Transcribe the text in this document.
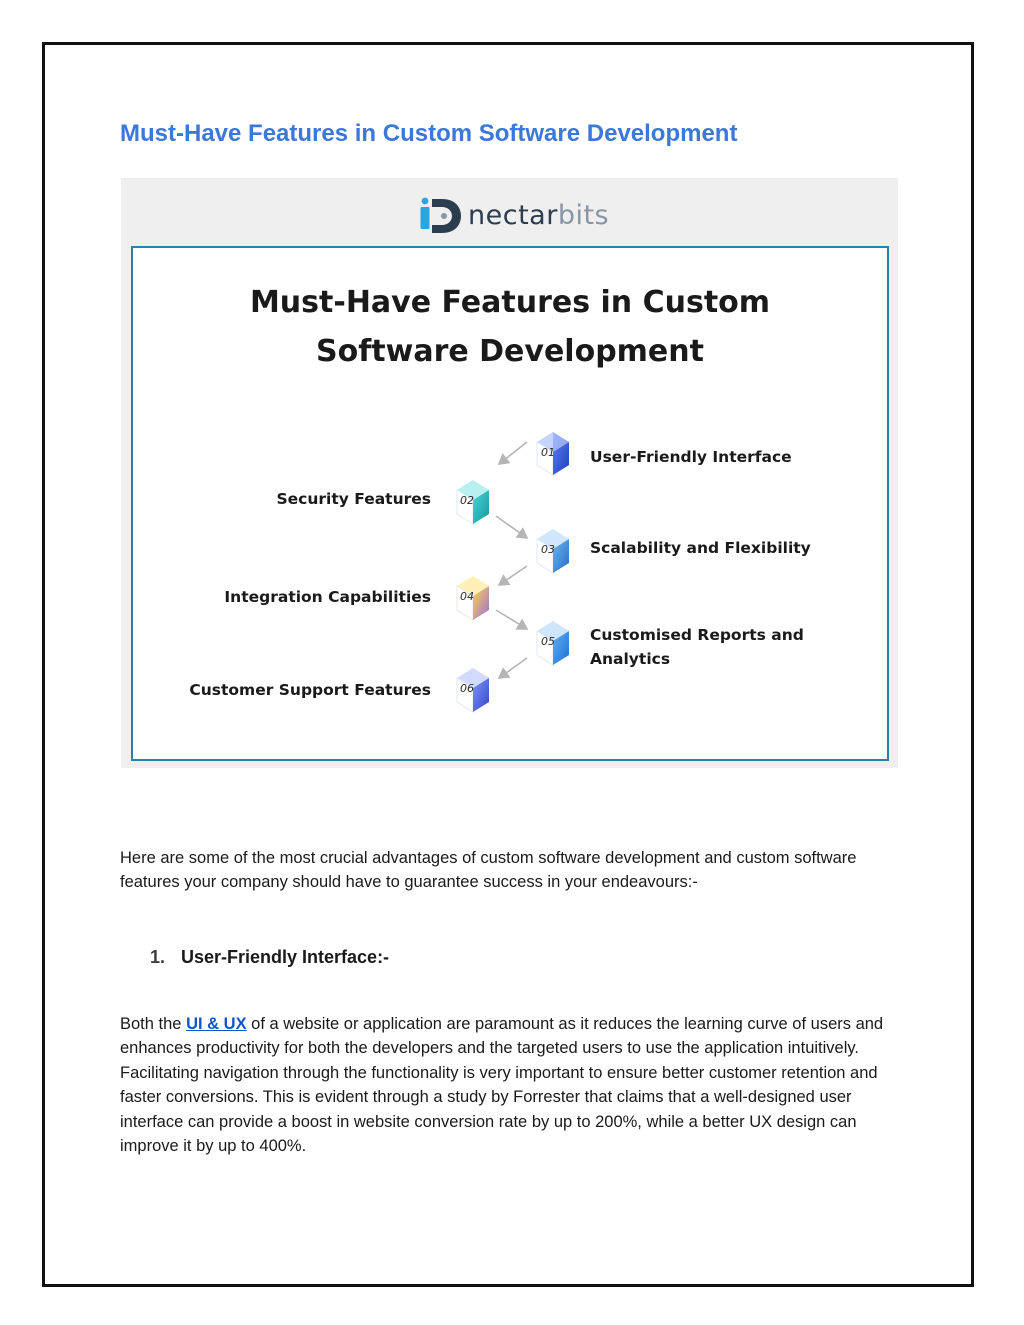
Must-Have Features in Custom Software Development
nectarbits
Must-Have Features in Custom
Software Development
01
02
03
04
05
06
User-Friendly Interface
Security Features
Scalability and Flexibility
Integration Capabilities
Customised Reports and
Analytics
Customer Support Features

Here are some of the most crucial advantages of custom software development and custom software features your company should have to guarantee success in your endeavours:-

1. User-Friendly Interface:-

Both the UI & UX of a website or application are paramount as it reduces the learning curve of users and enhances productivity for both the developers and the targeted users to use the application intuitively. Facilitating navigation through the functionality is very important to ensure better customer retention and faster conversions. This is evident through a study by Forrester that claims that a well-designed user interface can provide a boost in website conversion rate by up to 200%, while a better UX design can improve it by up to 400%.
